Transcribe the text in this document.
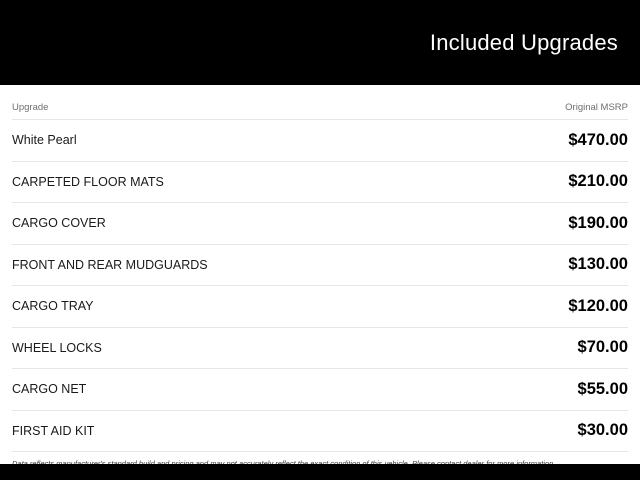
Included Upgrades
Upgrade	Original MSRP
White Pearl	$470.00
CARPETED FLOOR MATS	$210.00
CARGO COVER	$190.00
FRONT AND REAR MUDGUARDS	$130.00
CARGO TRAY	$120.00
WHEEL LOCKS	$70.00
CARGO NET	$55.00
FIRST AID KIT	$30.00
